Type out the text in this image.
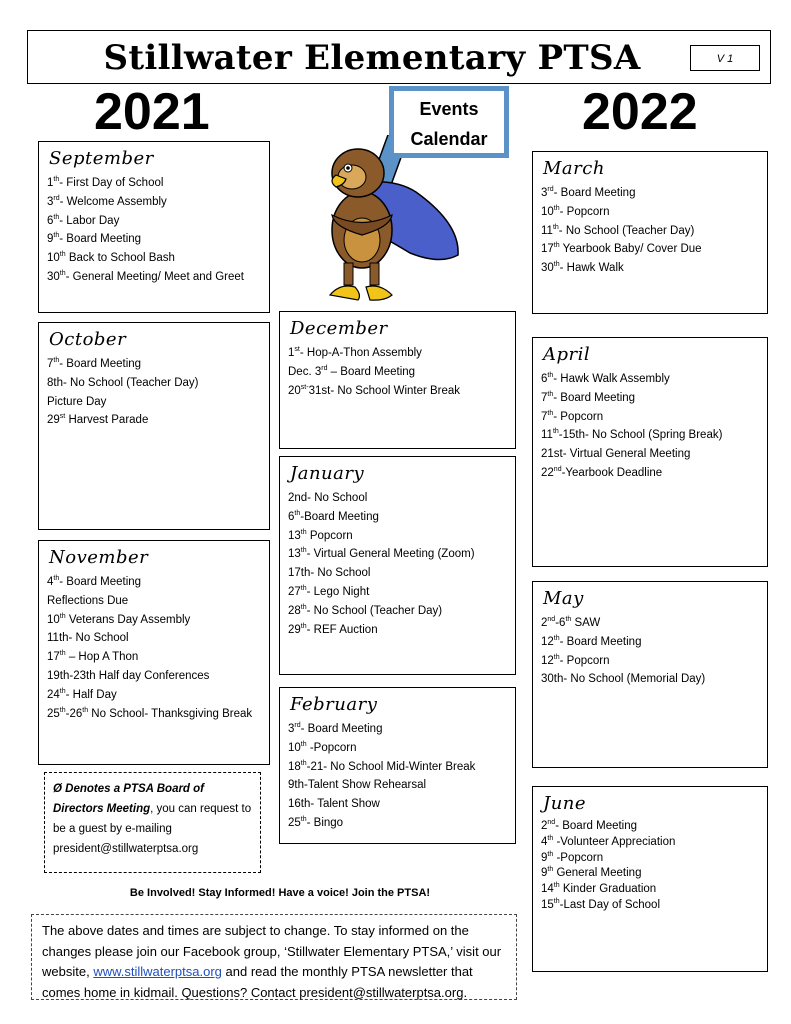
Stillwater Elementary PTSA	V 1
2021	2022
Events
Calendar
September
1th- First Day of School
3rd- Welcome Assembly
6th- Labor Day
9th- Board Meeting
10th Back to School Bash
30th- General Meeting/ Meet and Greet
October
7th- Board Meeting
8th- No School (Teacher Day)
Picture Day
29st Harvest Parade
November
4th- Board Meeting
Reflections Due
10th Veterans Day Assembly
11th- No School
17th – Hop A Thon
19th-23th Half day Conferences
24th- Half Day
25th-26th No School- Thanksgiving Break
December
1st- Hop-A-Thon Assembly
Dec. 3rd – Board Meeting
$20^{st-}31st-$ No School Winter Break
January
2nd- No School
6th-Board Meeting
13th Popcorn
13th- Virtual General Meeting (Zoom)
17th- No School
27th- Lego Night
28th- No School (Teacher Day)
29th- REF Auction
February
3rd- Board Meeting
10th -Popcorn
18th-21- No School Mid-Winter Break
9th-Talent Show Rehearsal
16th- Talent Show
25th- Bingo
March
3rd- Board Meeting
10th- Popcorn
11th- No School (Teacher Day)
17th Yearbook Baby/ Cover Due
30th- Hawk Walk
April
6th- Hawk Walk Assembly
7th- Board Meeting
7th- Popcorn
11th-15th- No School (Spring Break)
21st- Virtual General Meeting
22nd-Yearbook Deadline
May
2nd-6th SAW
12th- Board Meeting
12th- Popcorn
30th- No School (Memorial Day)
June
2nd- Board Meeting
4th -Volunteer Appreciation
9th -Popcorn
9th General Meeting
14th Kinder Graduation
15th-Last Day of School
Ø Denotes a PTSA Board of Directors Meeting, you can request to be a guest by e-mailing president@stillwaterptsa.org
Be Involved! Stay Informed! Have a voice! Join the PTSA!
The above dates and times are subject to change. To stay informed on the changes please join our Facebook group, ‘Stillwater Elementary PTSA,’ visit our website, www.stillwaterptsa.org and read the monthly PTSA newsletter that comes home in kidmail. Questions? Contact president@stillwaterptsa.org.
